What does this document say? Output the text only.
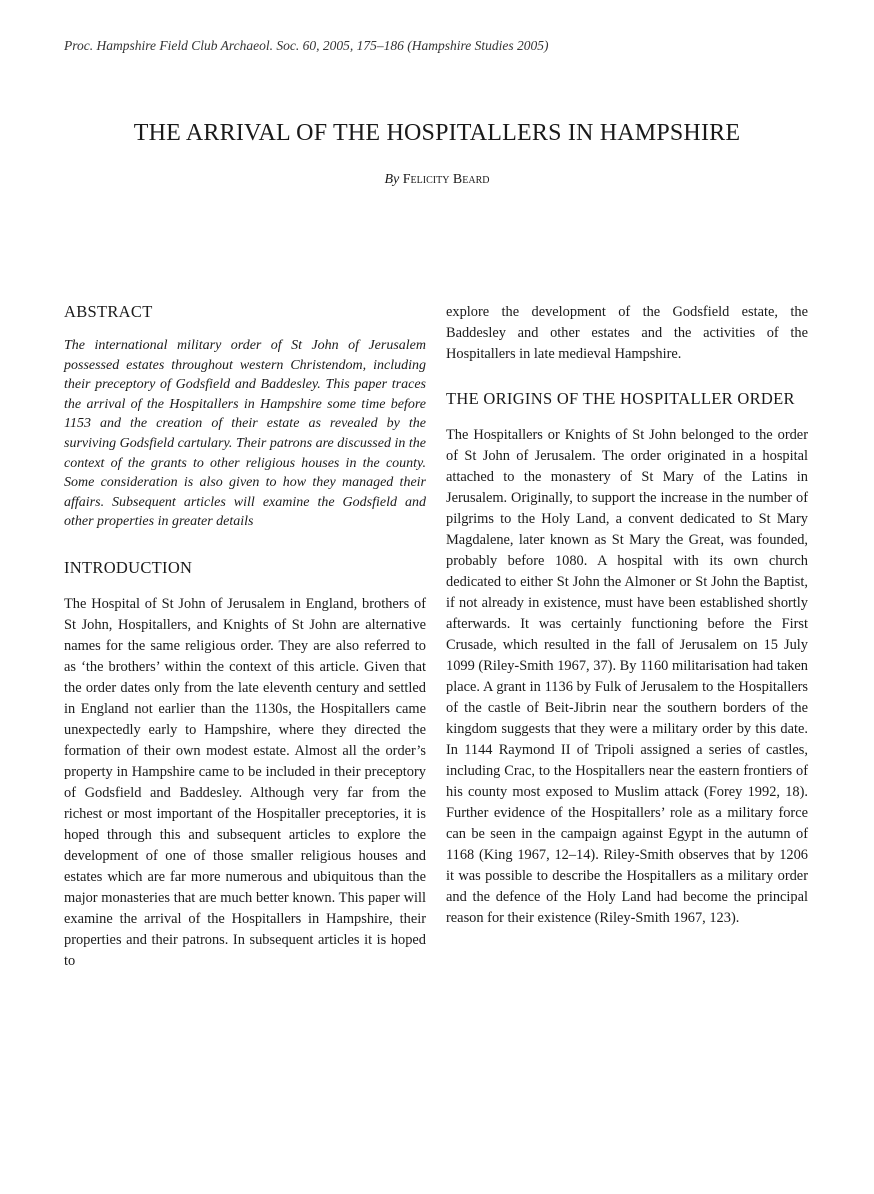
Proc. Hampshire Field Club Archaeol. Soc. 60, 2005, 175–186 (Hampshire Studies 2005)
THE ARRIVAL OF THE HOSPITALLERS IN HAMPSHIRE
By Felicity Beard
ABSTRACT

The international military order of St John of Jerusalem possessed estates throughout western Christendom, including their preceptory of Godsfield and Baddesley. This paper traces the arrival of the Hospitallers in Hampshire some time before 1153 and the creation of their estate as revealed by the surviving Godsfield cartulary. Their patrons are discussed in the context of the grants to other religious houses in the county. Some consideration is also given to how they managed their affairs. Subsequent articles will examine the Godsfield and other properties in greater details

INTRODUCTION

The Hospital of St John of Jerusalem in England, brothers of St John, Hospitallers, and Knights of St John are alternative names for the same religious order. They are also referred to as ‘the brothers’ within the context of this article. Given that the order dates only from the late eleventh century and settled in England not earlier than the 1130s, the Hospitallers came unexpectedly early to Hampshire, where they directed the formation of their own modest estate. Almost all the order’s property in Hampshire came to be included in their preceptory of Godsfield and Baddesley. Although very far from the richest or most important of the Hospitaller preceptories, it is hoped through this and subsequent articles to explore the development of one of those smaller religious houses and estates which are far more numerous and ubiquitous than the major monasteries that are much better known. This paper will examine the arrival of the Hospitallers in Hampshire, their properties and their patrons. In subsequent articles it is hoped to

explore the development of the Godsfield estate, the Baddesley and other estates and the activities of the Hospitallers in late medieval Hampshire.

THE ORIGINS OF THE HOSPITALLER ORDER

The Hospitallers or Knights of St John belonged to the order of St John of Jerusalem. The order originated in a hospital attached to the monastery of St Mary of the Latins in Jerusalem. Originally, to support the increase in the number of pilgrims to the Holy Land, a convent dedicated to St Mary Magdalene, later known as St Mary the Great, was founded, probably before 1080. A hospital with its own church dedicated to either St John the Almoner or St John the Baptist, if not already in existence, must have been established shortly afterwards. It was certainly functioning before the First Crusade, which resulted in the fall of Jerusalem on 15 July 1099 (Riley-Smith 1967, 37). By 1160 militarisation had taken place. A grant in 1136 by Fulk of Jerusalem to the Hospitallers of the castle of Beit-Jibrin near the southern borders of the kingdom suggests that they were a military order by this date. In 1144 Raymond II of Tripoli assigned a series of castles, including Crac, to the Hospitallers near the eastern frontiers of his county most exposed to Muslim attack (Forey 1992, 18). Further evidence of the Hospitallers’ role as a military force can be seen in the campaign against Egypt in the autumn of 1168 (King 1967, 12–14). Riley-Smith observes that by 1206 it was possible to describe the Hospitallers as a military order and the defence of the Holy Land had become the principal reason for their existence (Riley-Smith 1967, 123).
